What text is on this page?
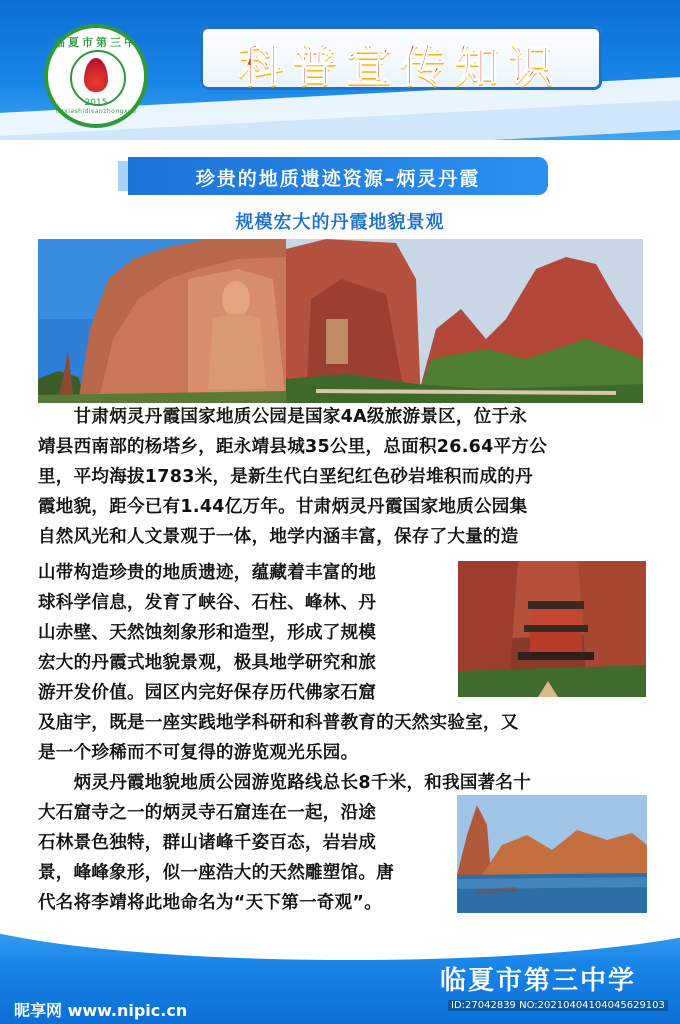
临夏市第三中
2015
linxiashidisanzhongxue
科普宣传知识
珍贵的地质遗迹资源–炳灵丹霞
规模宏大的丹霞地貌景观
　　甘肃炳灵丹霞国家地质公园是国家4A级旅游景区，位于永
靖县西南部的杨塔乡，距永靖县城35公里，总面积26.64平方公
里，平均海拔1783米，是新生代白垩纪红色砂岩堆积而成的丹
霞地貌，距今已有1.44亿万年。甘肃炳灵丹霞国家地质公园集
自然风光和人文景观于一体，地学内涵丰富，保存了大量的造
山带构造珍贵的地质遗迹，蕴藏着丰富的地
球科学信息，发育了峡谷、石柱、峰林、丹
山赤壁、天然蚀刻象形和造型，形成了规模
宏大的丹霞式地貌景观，极具地学研究和旅
游开发价值。园区内完好保存历代佛家石窟
及庙宇，既是一座实践地学科研和科普教育的天然实验室，又
是一个珍稀而不可复得的游览观光乐园。
　　炳灵丹霞地貌地质公园游览路线总长8千米，和我国著名十
大石窟寺之一的炳灵寺石窟连在一起，沿途
石林景色独特，群山诸峰千姿百态，岩岩成
景，峰峰象形，似一座浩大的天然雕塑馆。唐
代名将李靖将此地命名为“天下第一奇观”。
临夏市第三中学
昵享网 www.nipic.cn	ID:27042839 NO:20210404104045629103
